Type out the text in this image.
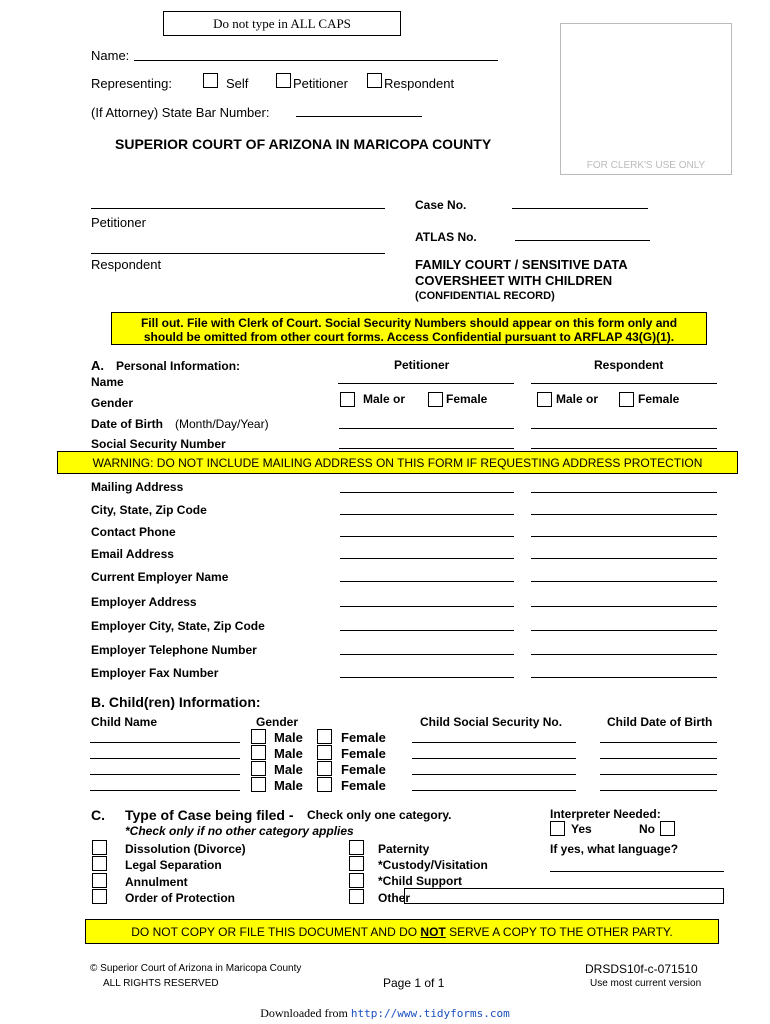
Do not type in ALL CAPS
FOR CLERK'S USE ONLY
Name:
Representing:	Self	Petitioner	Respondent
(If Attorney) State Bar Number:
SUPERIOR COURT OF ARIZONA IN MARICOPA COUNTY
Petitioner
Respondent
Case No.
ATLAS No.
FAMILY COURT / SENSITIVE DATA
COVERSHEET WITH CHILDREN
(CONFIDENTIAL RECORD)
Fill out. File with Clerk of Court. Social Security Numbers should appear on this form only and
should be omitted from other court forms. Access Confidential pursuant to ARFLAP 43(G)(1).
A. Personal Information:	Petitioner	Respondent
Name
Gender	Male or	Female	Male or	Female
Date of Birth (Month/Day/Year)
Social Security Number
WARNING: DO NOT INCLUDE MAILING ADDRESS ON THIS FORM IF REQUESTING ADDRESS PROTECTION
Mailing Address
City, State, Zip Code
Contact Phone
Email Address
Current Employer Name
Employer Address
Employer City, State, Zip Code
Employer Telephone Number
Employer Fax Number
B. Child(ren) Information:
Child Name	Gender	Child Social Security No.	Child Date of Birth
Male	Female
Male	Female
Male	Female
Male	Female
C. Type of Case being filed - Check only one category.
*Check only if no other category applies
Dissolution (Divorce)
Legal Separation
Annulment
Order of Protection
Paternity
*Custody/Visitation
*Child Support
Other
Interpreter Needed:
Yes	No
If yes, what language?
DO NOT COPY OR FILE THIS DOCUMENT AND DO NOT SERVE A COPY TO THE OTHER PARTY.
© Superior Court of Arizona in Maricopa County
ALL RIGHTS RESERVED	Page 1 of 1
DRSDS10f-c-071510
Use most current version
Downloaded from http://www.tidyforms.com
